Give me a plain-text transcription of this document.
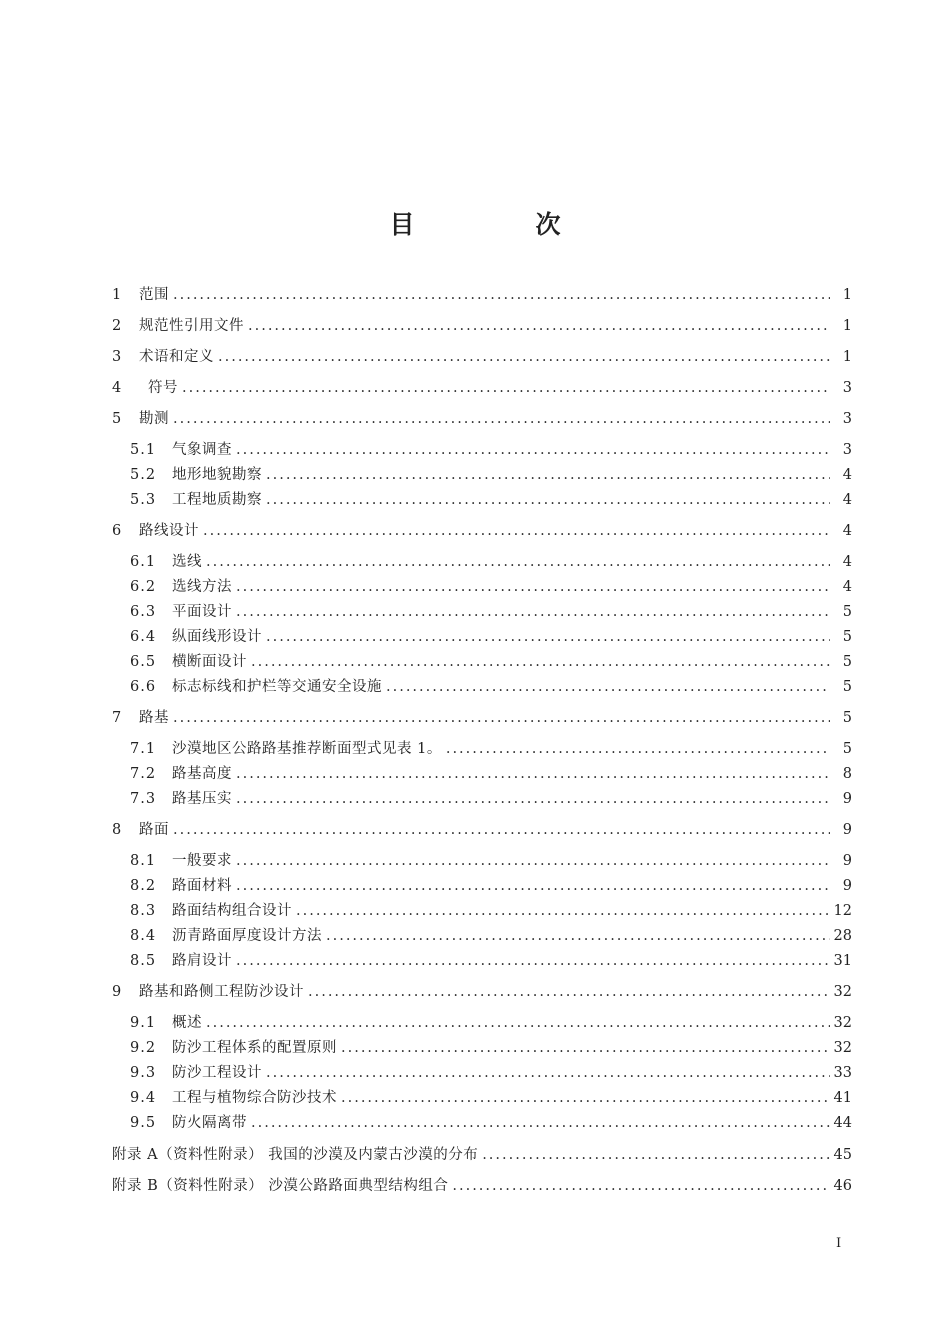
目　次
1	范围 .....	1
2	规范性引用文件 .....	1
3	术语和定义 .....	1
4	符号 .....	3
5	勘测 .....	3
5.1	气象调查 .....	3
5.2	地形地貌勘察 .....	4
5.3	工程地质勘察 .....	4
6	路线设计 .....	4
6.1	选线 .....	4
6.2	选线方法 .....	4
6.3	平面设计 .....	5
6.4	纵面线形设计 .....	5
6.5	横断面设计 .....	5
6.6	标志标线和护栏等交通安全设施 .....	5
7	路基 .....	5
7.1	沙漠地区公路路基推荐断面型式见表 1。 .....	5
7.2	路基高度 .....	8
7.3	路基压实 .....	9
8	路面 .....	9
8.1	一般要求 .....	9
8.2	路面材料 .....	9
8.3	路面结构组合设计 .....	12
8.4	沥青路面厚度设计方法 .....	28
8.5	路肩设计 .....	31
9	路基和路侧工程防沙设计 .....	32
9.1	概述 .....	32
9.2	防沙工程体系的配置原则 .....	32
9.3	防沙工程设计 .....	33
9.4	工程与植物综合防沙技术 .....	41
9.5	防火隔离带 .....	44
附录 A（资料性附录） 我国的沙漠及内蒙古沙漠的分布 .....	45
附录 B（资料性附录） 沙漠公路路面典型结构组合 .....	46
I
